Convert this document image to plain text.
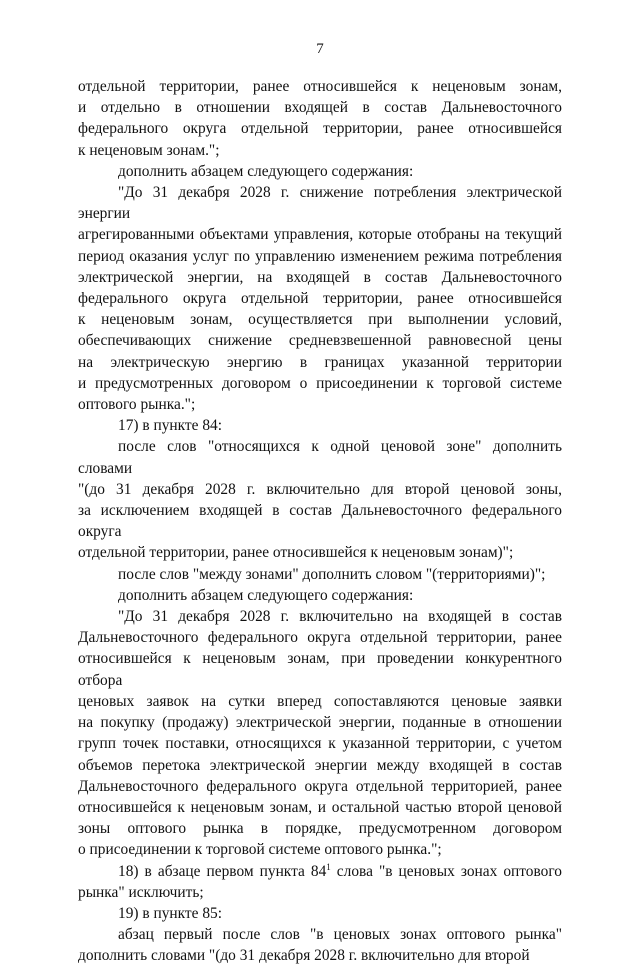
7
отдельной территории, ранее относившейся к неценовым зонам,
и отдельно в отношении входящей в состав Дальневосточного
федерального округа отдельной территории, ранее относившейся
к неценовым зонам.";
дополнить абзацем следующего содержания:
"До 31 декабря 2028 г. снижение потребления электрической энергии
агрегированными объектами управления, которые отобраны на текущий
период оказания услуг по управлению изменением режима потребления
электрической энергии, на входящей в состав Дальневосточного
федерального округа отдельной территории, ранее относившейся
к неценовым зонам, осуществляется при выполнении условий,
обеспечивающих снижение средневзвешенной равновесной цены
на электрическую энергию в границах указанной территории
и предусмотренных договором о присоединении к торговой системе
оптового рынка.";
17) в пункте 84:
после слов "относящихся к одной ценовой зоне" дополнить словами
"(до 31 декабря 2028 г. включительно для второй ценовой зоны,
за исключением входящей в состав Дальневосточного федерального округа
отдельной территории, ранее относившейся к неценовым зонам)";
после слов "между зонами" дополнить словом "(территориями)";
дополнить абзацем следующего содержания:
"До 31 декабря 2028 г. включительно на входящей в состав
Дальневосточного федерального округа отдельной территории, ранее
относившейся к неценовым зонам, при проведении конкурентного отбора
ценовых заявок на сутки вперед сопоставляются ценовые заявки
на покупку (продажу) электрической энергии, поданные в отношении
групп точек поставки, относящихся к указанной территории, с учетом
объемов перетока электрической энергии между входящей в состав
Дальневосточного федерального округа отдельной территорией, ранее
относившейся к неценовым зонам, и остальной частью второй ценовой
зоны оптового рынка в порядке, предусмотренном договором
о присоединении к торговой системе оптового рынка.";
18) в абзаце первом пункта $84^1$ слова "в ценовых зонах оптового
рынка" исключить;
19) в пункте 85:
абзац первый после слов "в ценовых зонах оптового рынка"
дополнить словами "(до 31 декабря 2028 г. включительно для второй
